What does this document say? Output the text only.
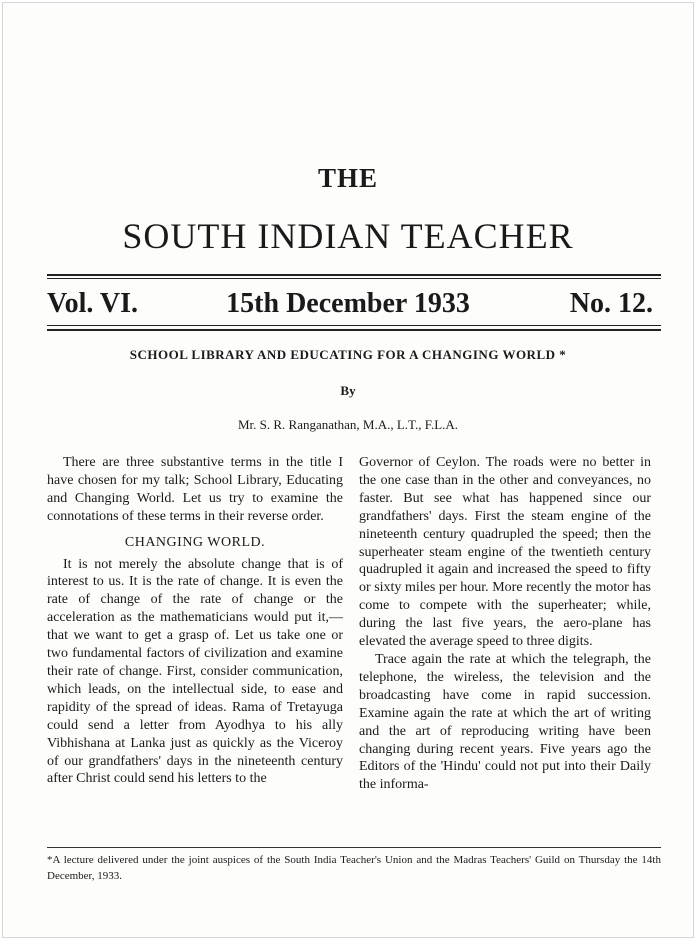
THE
SOUTH INDIAN TEACHER
Vol. VI.	15th December 1933	No. 12.
SCHOOL LIBRARY AND EDUCATING FOR A CHANGING WORLD *
By
Mr. S. R. Ranganathan, M.A., L.T., F.L.A.

There are three substantive terms in the title I have chosen for my talk; School Library, Educating and Changing World. Let us try to examine the connotations of these terms in their reverse order.

CHANGING WORLD.

It is not merely the absolute change that is of interest to us. It is the rate of change. It is even the rate of change of the rate of change or the acceleration as the mathematicians would put it,—that we want to get a grasp of. Let us take one or two fundamental factors of civilization and examine their rate of change. First, consider communication, which leads, on the intellectual side, to ease and rapidity of the spread of ideas. Rama of Tretayuga could send a letter from Ayodhya to his ally Vibhishana at Lanka just as quickly as the Viceroy of our grandfathers' days in the nineteenth century after Christ could send his letters to the

Governor of Ceylon. The roads were no better in the one case than in the other and conveyances, no faster. But see what has happened since our grandfathers' days. First the steam engine of the nineteenth century quadrupled the speed; then the superheater steam engine of the twentieth century quadrupled it again and increased the speed to fifty or sixty miles per hour. More recently the motor has come to compete with the superheater; while, during the last five years, the aero-plane has elevated the average speed to three digits.

Trace again the rate at which the telegraph, the telephone, the wireless, the television and the broadcasting have come in rapid succession. Examine again the rate at which the art of writing and the art of reproducing writing have been changing during recent years. Five years ago the Editors of the 'Hindu' could not put into their Daily the informa-

*A lecture delivered under the joint auspices of the South India Teacher's Union and the Madras Teachers' Guild on Thursday the 14th December, 1933.
